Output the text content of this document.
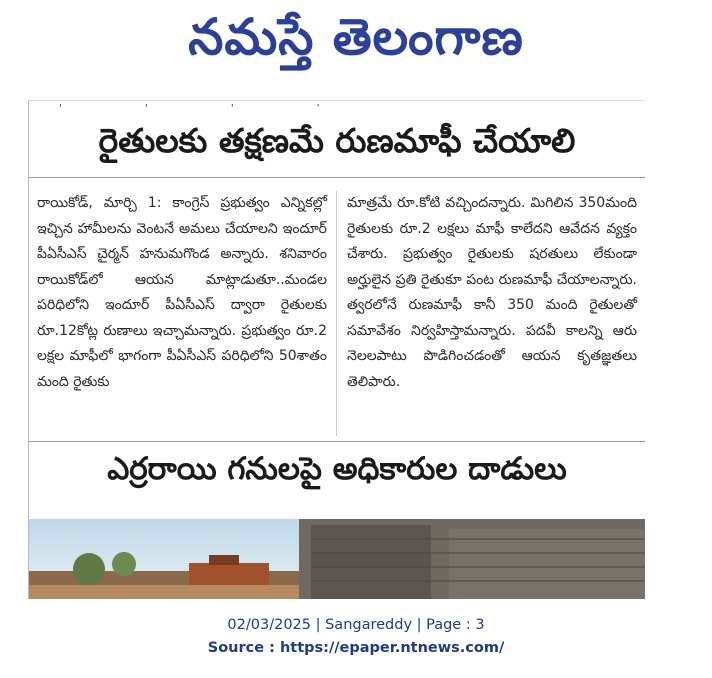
నమస్తే తెలంగాణ
' ' ' '
రైతులకు తక్షణమే రుణమాఫీ చేయాలి
రాయికోడ్, మార్చి 1: కాంగ్రెస్ ప్రభుత్వం ఎన్నికల్లో ఇచ్చిన హామీలను వెంటనే అమలు చేయాలని ఇందూర్ పీఏసీఎస్ చైర్మన్ హనుమగొండ అన్నారు. శనివారం రాయికోడ్‌లో ఆయన మాట్లాడుతూ..మండల పరిధిలోని ఇందూర్ పీఏసీఎస్ ద్వారా రైతులకు రూ.12కోట్ల రుణాలు ఇచ్చామన్నారు. ప్రభుత్వం రూ.2 లక్షల మాఫీలో భాగంగా పీఏసీఎస్ పరిధిలోని 50శాతం మంది రైతుకు
మాత్రమే రూ.కోటి వచ్చిందన్నారు. మిగిలిన 350మంది రైతులకు రూ.2 లక్షలు మాఫీ కాలేదని ఆవేదన వ్యక్తం చేశారు. ప్రభుత్వం రైతులకు షరతులు లేకుండా అర్హులైన ప్రతి రైతుకూ పంట రుణమాఫీ చేయాలన్నారు. త్వరలోనే రుణమాఫీ కానీ 350 మంది రైతులతో సమావేశం నిర్వహిస్తామన్నారు. పదవీ కాలన్ని ఆరు నెలలపాటు పొడిగించడంతో ఆయన కృతజ్ఞతలు తెలిపారు.
ఎర్రరాయి గనులపై అధికారుల దాడులు
02/03/2025 | Sangareddy | Page : 3
Source : https://epaper.ntnews.com/
